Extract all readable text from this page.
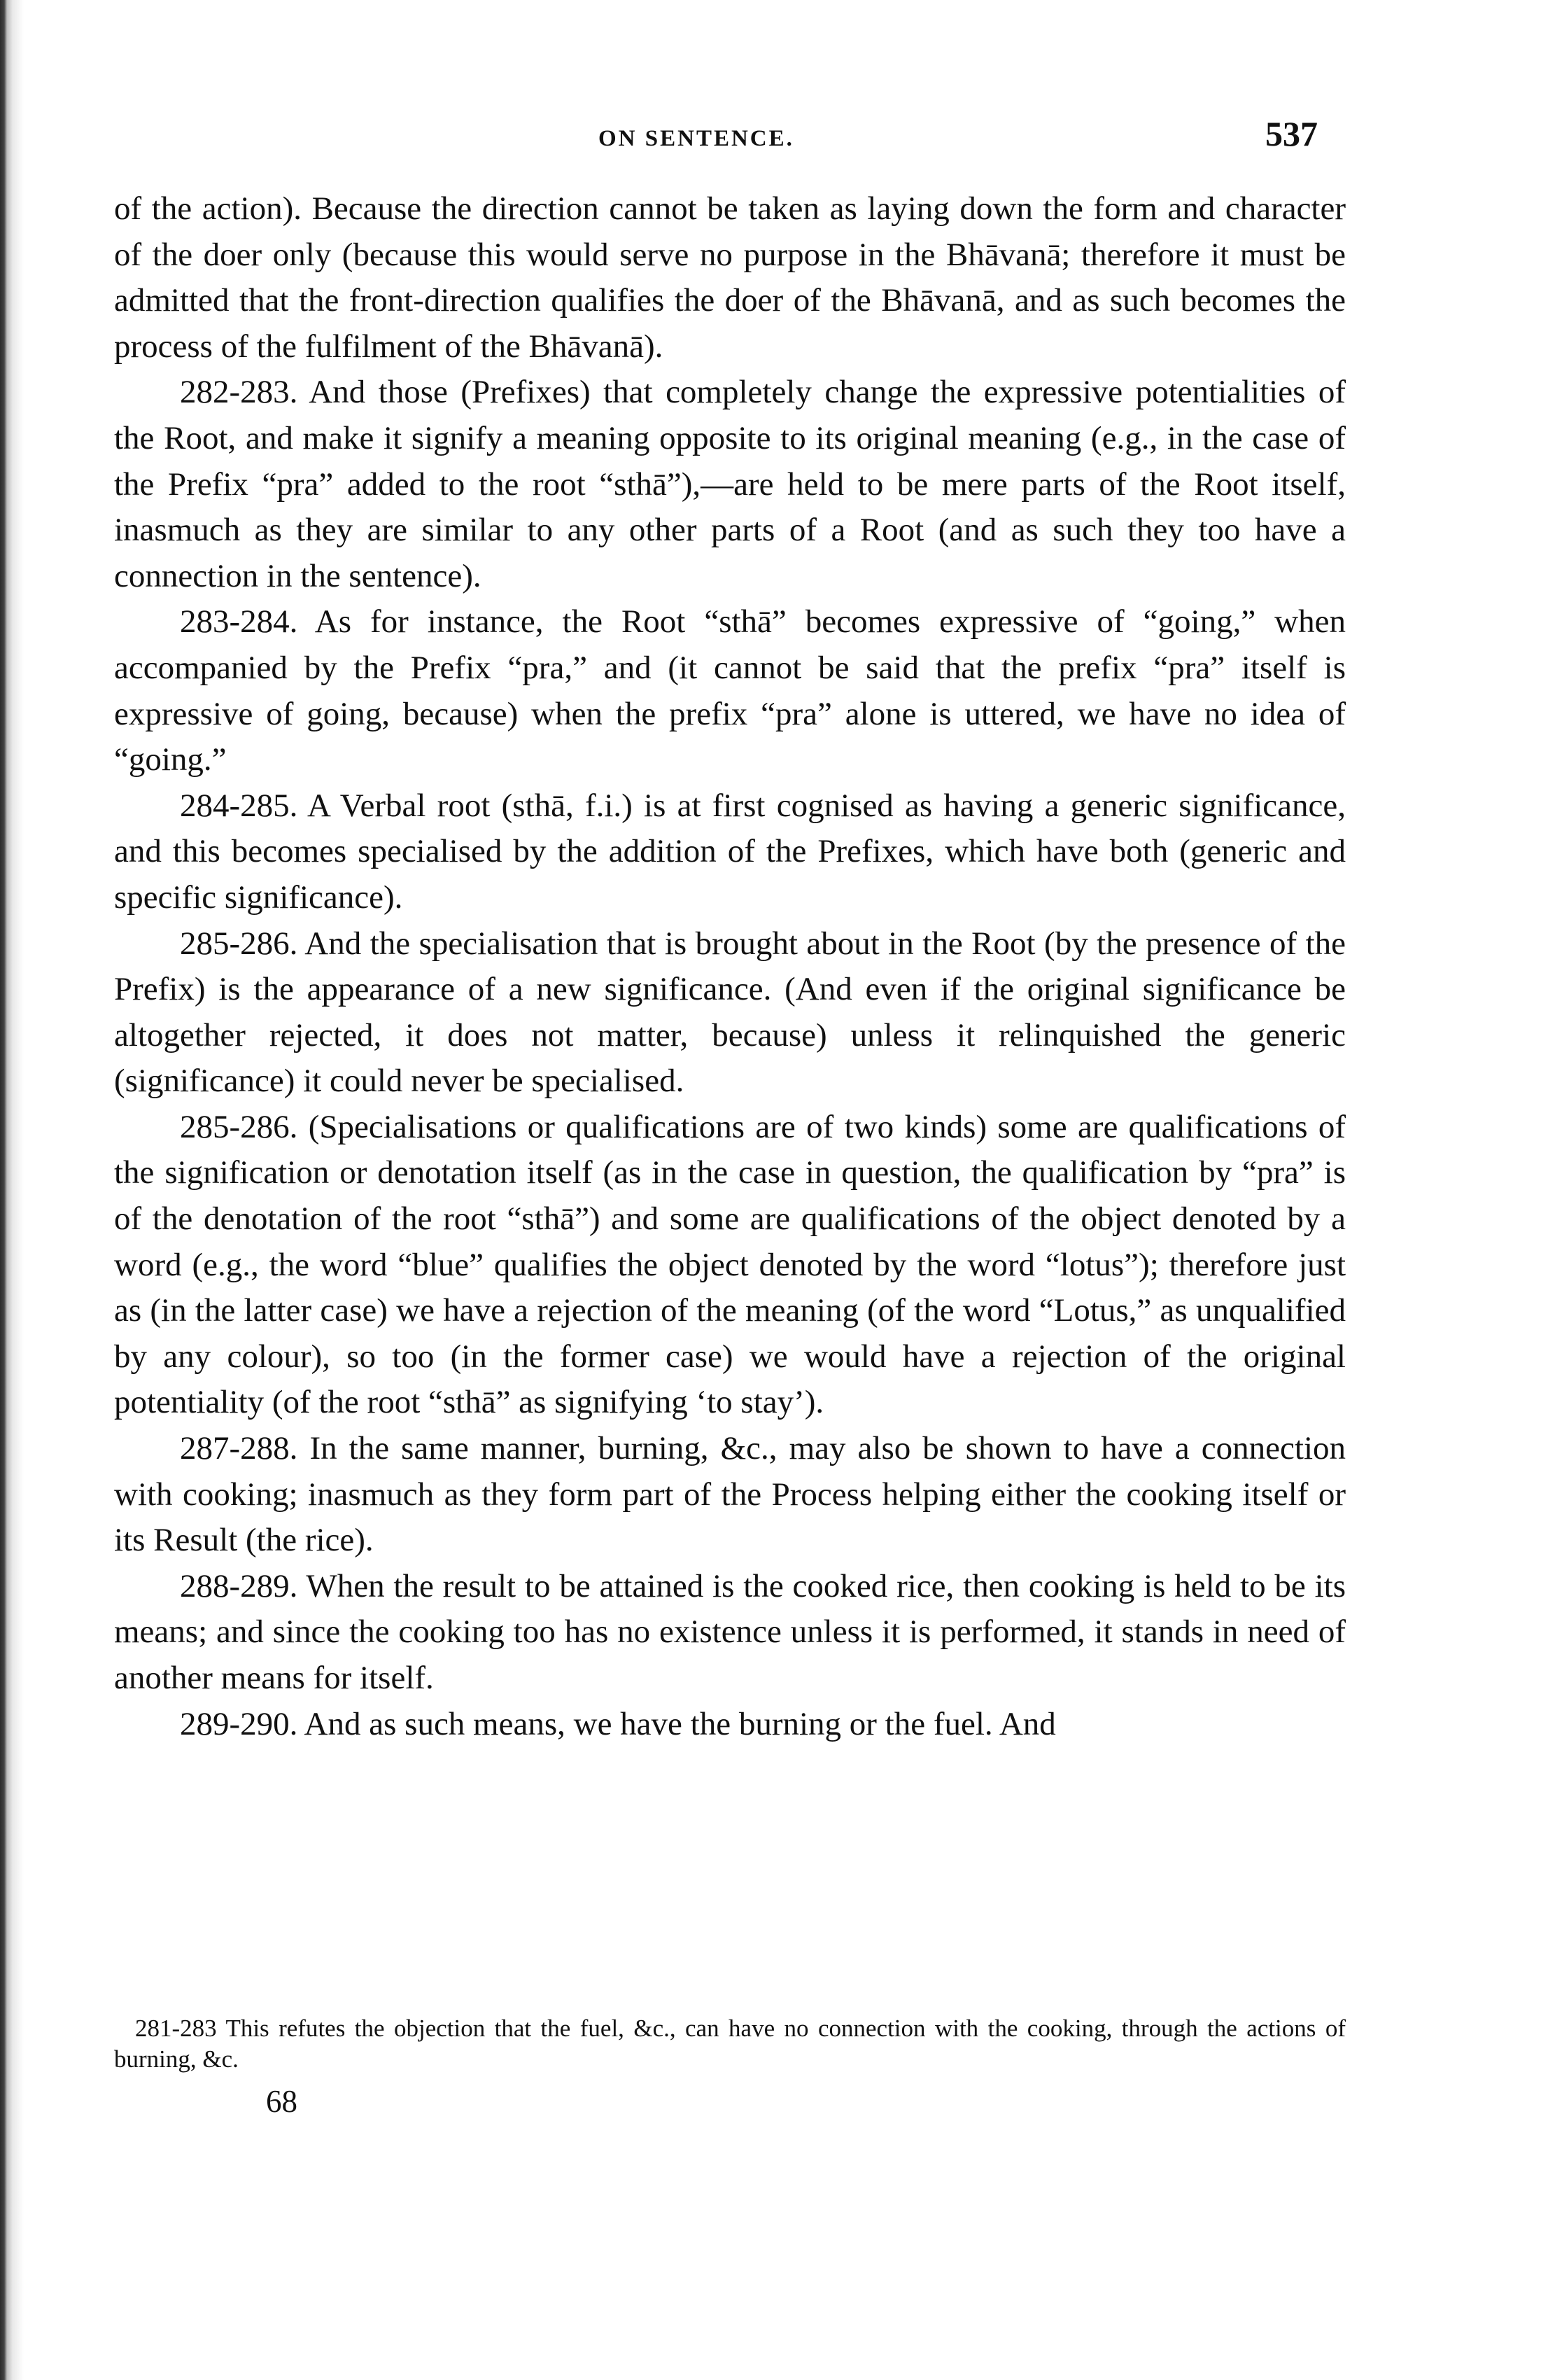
ON SENTENCE.	537

of the action). Because the direction cannot be taken as laying down the form and character of the doer only (because this would serve no purpose in the Bhāvanā; therefore it must be admitted that the front-direction qualifies the doer of the Bhāvanā, and as such becomes the process of the fulfilment of the Bhāvanā).

282-283. And those (Prefixes) that completely change the expressive potentialities of the Root, and make it signify a meaning opposite to its original meaning (e.g., in the case of the Prefix “pra” added to the root “sthā”),—are held to be mere parts of the Root itself, inasmuch as they are similar to any other parts of a Root (and as such they too have a connection in the sentence).

283-284. As for instance, the Root “sthā” becomes expressive of “going,” when accompanied by the Prefix “pra,” and (it cannot be said that the prefix “pra” itself is expressive of going, because) when the prefix “pra” alone is uttered, we have no idea of “going.”

284-285. A Verbal root (sthā, f.i.) is at first cognised as having a generic significance, and this becomes specialised by the addition of the Prefixes, which have both (generic and specific significance).

285-286. And the specialisation that is brought about in the Root (by the presence of the Prefix) is the appearance of a new significance. (And even if the original significance be altogether rejected, it does not matter, because) unless it relinquished the generic (significance) it could never be specialised.

285-286. (Specialisations or qualifications are of two kinds) some are qualifications of the signification or denotation itself (as in the case in question, the qualification by “pra” is of the denotation of the root “sthā”) and some are qualifications of the object denoted by a word (e.g., the word “blue” qualifies the object denoted by the word “lotus”); therefore just as (in the latter case) we have a rejection of the meaning (of the word “Lotus,” as unqualified by any colour), so too (in the former case) we would have a rejection of the original potentiality (of the root “sthā” as signifying ‘to stay’).

287-288. In the same manner, burning, &c., may also be shown to have a connection with cooking; inasmuch as they form part of the Process helping either the cooking itself or its Result (the rice).

288-289. When the result to be attained is the cooked rice, then cooking is held to be its means; and since the cooking too has no existence unless it is performed, it stands in need of another means for itself.

289-290. And as such means, we have the burning or the fuel. And

281-283 This refutes the objection that the fuel, &c., can have no connection with the cooking, through the actions of burning, &c.

68
